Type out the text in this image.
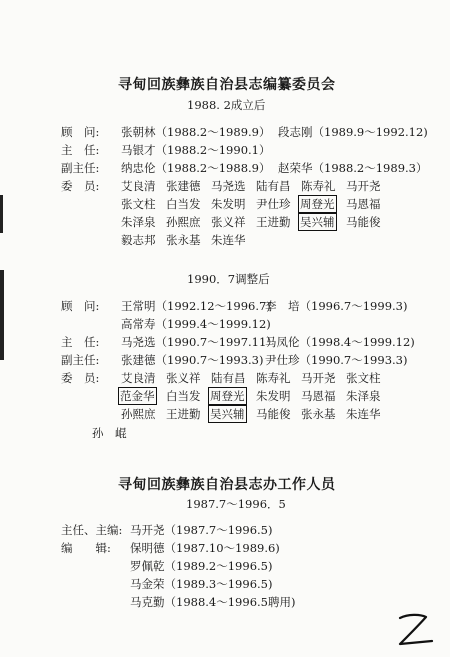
寻甸回族彝族自治县志编纂委员会
1988. 2成立后
顾　问: 张朝林（1988.2～1989.9） 段志刚（1989.9～1992.12)
主　任: 马银才（1988.2～1990.1）
副主任: 纳忠伦（1988.2～1988.9） 赵荣华（1988.2～1989.3）
委　员: 艾良清 张建德 马尧选 陆有昌 陈寿礼 马开尧
张文柱 白当发 朱发明 尹仕珍 周登光 马恩福
朱泽泉 孙熙庶 张义祥 王进勤 吴兴辅 马能俊
毅志邦 张永基 朱连华
1990．7调整后
顾　问: 王常明（1992.12～1996.7)
李　培（1996.7～1999.3)
高常寿（1999.4～1999.12)
主　任: 马尧选（1990.7～1997.11）
马凤伦（1998.4～1999.12)
副主任: 张建德（1990.7～1993.3) 尹仕珍（1990.7～1993.3)
委　员: 艾良清 张义祥 陆有昌 陈寿礼 马开尧 张文柱
范金华 白当发 周登光 朱发明 马恩福 朱泽泉
孙熙庶 王进勤 吴兴辅 马能俊 张永基 朱连华
孙　崐
寻甸回族彝族自治县志办工作人员
1987.7～1996．5
主任、主编: 马开尧（1987.7～1996.5)
编　　辑: 保明德（1987.10～1989.6)
罗佩乾（1989.2～1996.5)
马金荣（1989.3～1996.5)
马克勤（1988.4～1996.5聘用)
